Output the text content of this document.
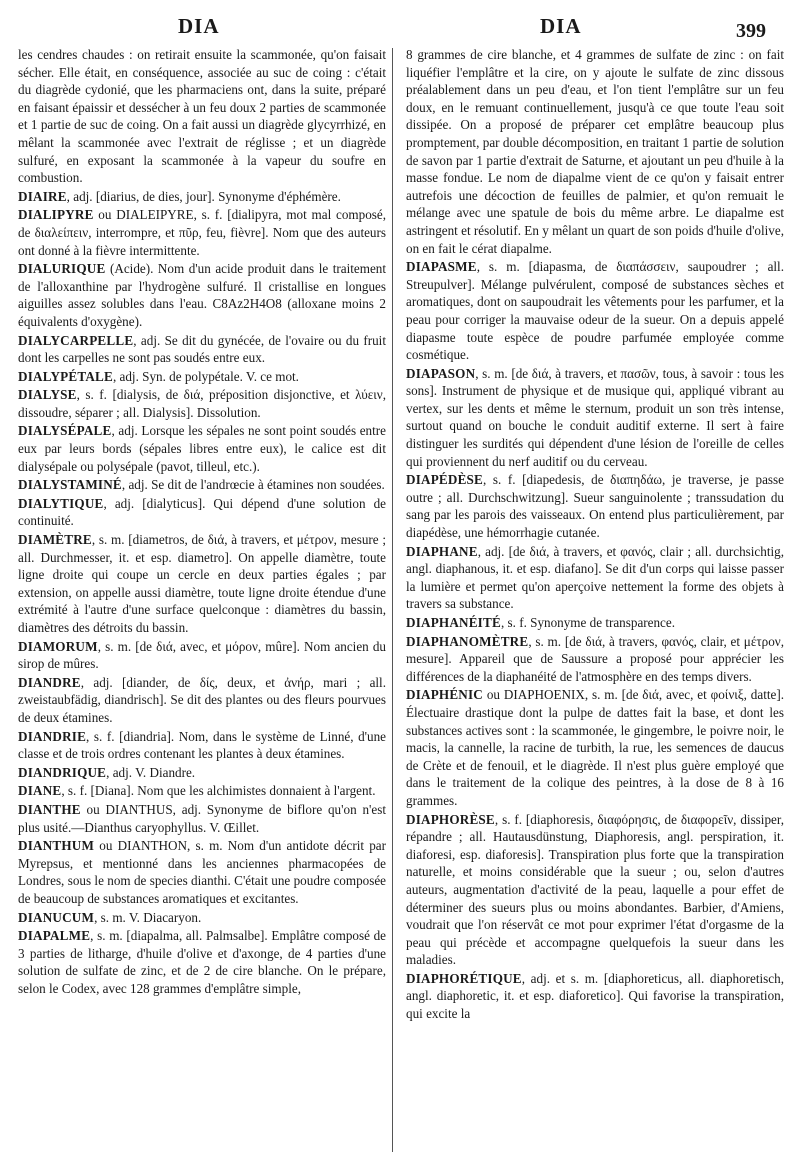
DIA	DIA	399

les cendres chaudes : on retirait ensuite la scammonée, qu'on faisait sécher. Elle était, en conséquence, associée au suc de coing : c'était du diagrède cydonié, que les pharmaciens ont, dans la suite, préparé en faisant épaissir et dessécher à un feu doux 2 parties de scammonée et 1 partie de suc de coing. On a fait aussi un diagrède glycyrrhizé, en mêlant la scammonée avec l'extrait de réglisse ; et un diagrède sulfuré, en exposant la scammonée à la vapeur du soufre en combustion.

DIAIRE, adj. [diarius, de dies, jour]. Synonyme d'éphémère.

DIALIPYRE ou DIALEIPYRE, s. f. [dialipyra, mot mal composé, de διαλείπειν, interrompre, et πῦρ, feu, fièvre]. Nom que des auteurs ont donné à la fièvre intermittente.

DIALURIQUE (Acide). Nom d'un acide produit dans le traitement de l'alloxanthine par l'hydrogène sulfuré. Il cristallise en longues aiguilles assez solubles dans l'eau. C8Az2H4O8 (alloxane moins 2 équivalents d'oxygène).

DIALYCARPELLE, adj. Se dit du gynécée, de l'ovaire ou du fruit dont les carpelles ne sont pas soudés entre eux.

DIALYPÉTALE, adj. Syn. de polypétale. V. ce mot.

DIALYSE, s. f. [dialysis, de διά, préposition disjonctive, et λύειν, dissoudre, séparer ; all. Dialysis]. Dissolution.

DIALYSÉPALE, adj. Lorsque les sépales ne sont point soudés entre eux par leurs bords (sépales libres entre eux), le calice est dit dialysépale ou polysépale (pavot, tilleul, etc.).

DIALYSTAMINÉ, adj. Se dit de l'andrœcie à étamines non soudées.

DIALYTIQUE, adj. [dialyticus]. Qui dépend d'une solution de continuité.

DIAMÈTRE, s. m. [diametros, de διά, à travers, et μέτρον, mesure ; all. Durchmesser, it. et esp. diametro]. On appelle diamètre, toute ligne droite qui coupe un cercle en deux parties égales ; par extension, on appelle aussi diamètre, toute ligne droite étendue d'une extrémité à l'autre d'une surface quelconque : diamètres du bassin, diamètres des détroits du bassin.

DIAMORUM, s. m. [de διά, avec, et μόρον, mûre]. Nom ancien du sirop de mûres.

DIANDRE, adj. [diander, de δίς, deux, et ἀνήρ, mari ; all. zweistaubfädig, diandrisch]. Se dit des plantes ou des fleurs pourvues de deux étamines.

DIANDRIE, s. f. [diandria]. Nom, dans le système de Linné, d'une classe et de trois ordres contenant les plantes à deux étamines.

DIANDRIQUE, adj. V. Diandre.

DIANE, s. f. [Diana]. Nom que les alchimistes donnaient à l'argent.

DIANTHE ou DIANTHUS, adj. Synonyme de biflore qu'on n'est plus usité.—Dianthus caryophyllus. V. Œillet.

DIANTHUM ou DIANTHON, s. m. Nom d'un antidote décrit par Myrepsus, et mentionné dans les anciennes pharmacopées de Londres, sous le nom de species dianthi. C'était une poudre composée de beaucoup de substances aromatiques et excitantes.

DIANUCUM, s. m. V. Diacaryon.

DIAPALME, s. m. [diapalma, all. Palmsalbe]. Emplâtre composé de 3 parties de litharge, d'huile d'olive et d'axonge, de 4 parties d'une solution de sulfate de zinc, et de 2 de cire blanche. On le prépare, selon le Codex, avec 128 grammes d'emplâtre simple,

8 grammes de cire blanche, et 4 grammes de sulfate de zinc : on fait liquéfier l'emplâtre et la cire, on y ajoute le sulfate de zinc dissous préalablement dans un peu d'eau, et l'on tient l'emplâtre sur un feu doux, en le remuant continuellement, jusqu'à ce que toute l'eau soit dissipée. On a proposé de préparer cet emplâtre beaucoup plus promptement, par double décomposition, en traitant 1 partie de solution de savon par 1 partie d'extrait de Saturne, et ajoutant un peu d'huile à la masse fondue. Le nom de diapalme vient de ce qu'on y faisait entrer autrefois une décoction de feuilles de palmier, et qu'on remuait le mélange avec une spatule de bois du même arbre. Le diapalme est astringent et résolutif. En y mêlant un quart de son poids d'huile d'olive, on en fait le cérat diapalme.

DIAPASME, s. m. [diapasma, de διαπάσσειν, saupoudrer ; all. Streupulver]. Mélange pulvérulent, composé de substances sèches et aromatiques, dont on saupoudrait les vêtements pour les parfumer, et la peau pour corriger la mauvaise odeur de la sueur. On a depuis appelé diapasme toute espèce de poudre parfumée employée comme cosmétique.

DIAPASON, s. m. [de διά, à travers, et πασῶν, tous, à savoir : tous les sons]. Instrument de physique et de musique qui, appliqué vibrant au vertex, sur les dents et même le sternum, produit un son très intense, surtout quand on bouche le conduit auditif externe. Il sert à faire distinguer les surdités qui dépendent d'une lésion de l'oreille de celles qui proviennent du nerf auditif ou du cerveau.

DIAPÉDÈSE, s. f. [diapedesis, de διαπηδάω, je traverse, je passe outre ; all. Durchschwitzung]. Sueur sanguinolente ; transsudation du sang par les parois des vaisseaux. On entend plus particulièrement, par diapédèse, une hémorrhagie cutanée.

DIAPHANE, adj. [de διά, à travers, et φανός, clair ; all. durchsichtig, angl. diaphanous, it. et esp. diafano]. Se dit d'un corps qui laisse passer la lumière et permet qu'on aperçoive nettement la forme des objets à travers sa substance.

DIAPHANÉITÉ, s. f. Synonyme de transparence.

DIAPHANOMÈTRE, s. m. [de διά, à travers, φανός, clair, et μέτρον, mesure]. Appareil que de Saussure a proposé pour apprécier les différences de la diaphanéité de l'atmosphère en des temps divers.

DIAPHÉNIC ou DIAPHOENIX, s. m. [de διά, avec, et φοίνιξ, datte]. Électuaire drastique dont la pulpe de dattes fait la base, et dont les substances actives sont : la scammonée, le gingembre, le poivre noir, le macis, la cannelle, la racine de turbith, la rue, les semences de daucus de Crète et de fenouil, et le diagrède. Il n'est plus guère employé que dans le traitement de la colique des peintres, à la dose de 8 à 16 grammes.

DIAPHORÈSE, s. f. [diaphoresis, διαφόρησις, de διαφορεῖν, dissiper, répandre ; all. Hautausdünstung, Diaphoresis, angl. perspiration, it. diaforesi, esp. diaforesis]. Transpiration plus forte que la transpiration naturelle, et moins considérable que la sueur ; ou, selon d'autres auteurs, augmentation d'activité de la peau, laquelle a pour effet de déterminer des sueurs plus ou moins abondantes. Barbier, d'Amiens, voudrait que l'on réservât ce mot pour exprimer l'état d'orgasme de la peau qui précède et accompagne quelquefois la sueur dans les maladies.

DIAPHORÉTIQUE, adj. et s. m. [diaphoreticus, all. diaphoretisch, angl. diaphoretic, it. et esp. diaforetico]. Qui favorise la transpiration, qui excite la
